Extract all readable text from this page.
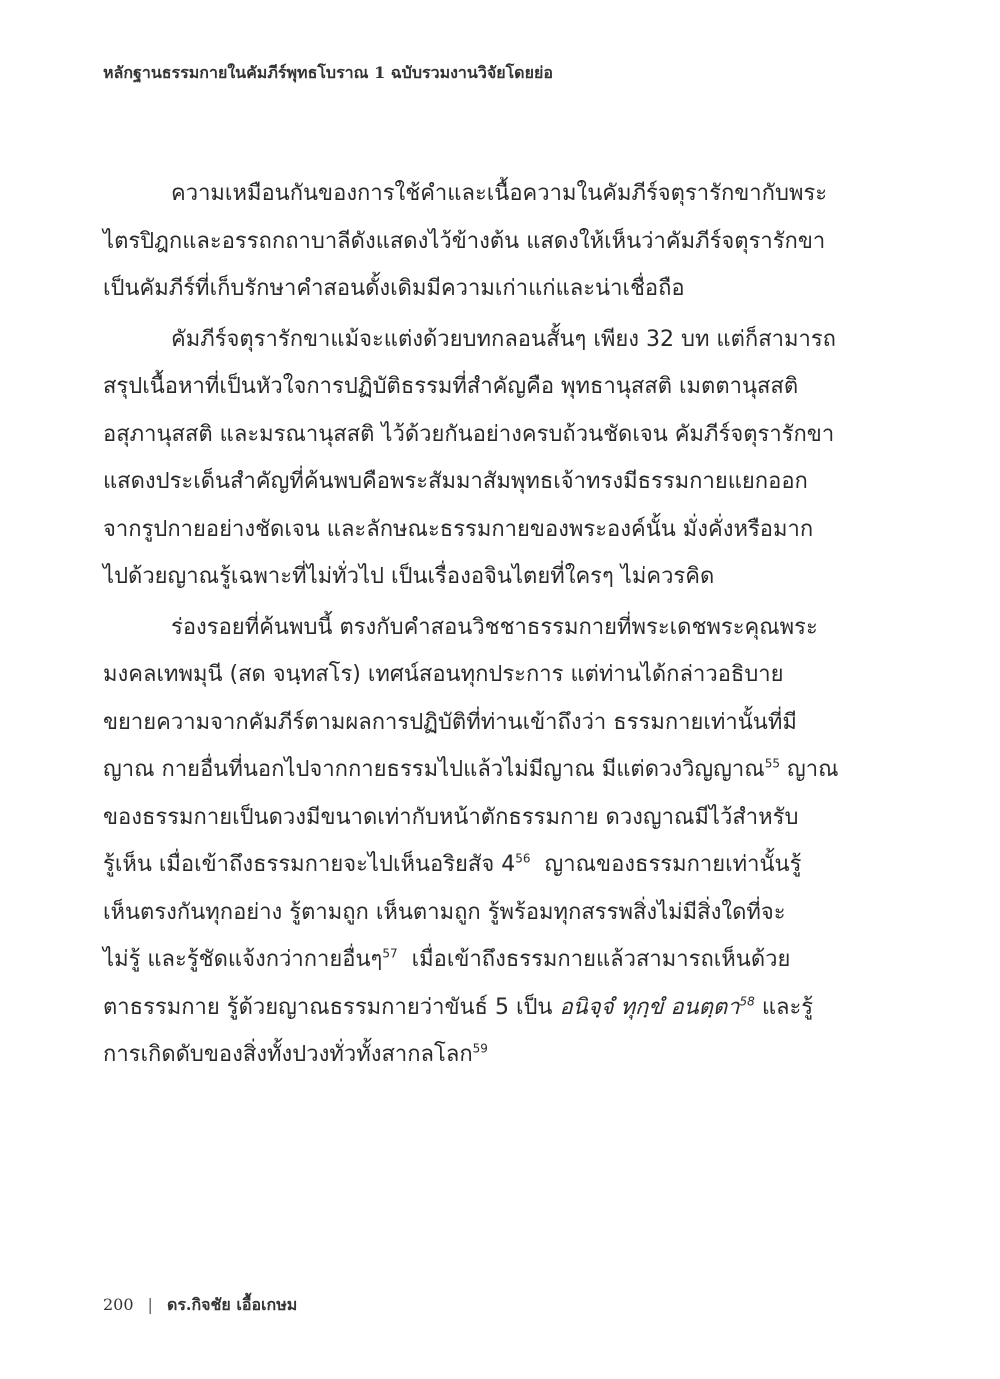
หลักฐานธรรมกายในคัมภีร์พุทธโบราณ 1 ฉบับรวมงานวิจัยโดยย่อ
ความเหมือนกันของการใช้คำและเนื้อความในคัมภีร์จตุรารักขากับพระ
ไตรปิฎกและอรรถกถาบาลีดังแสดงไว้ข้างต้น แสดงให้เห็นว่าคัมภีร์จตุรารักขา
เป็นคัมภีร์ที่เก็บรักษาคำสอนดั้งเดิมมีความเก่าแก่และน่าเชื่อถือ
คัมภีร์จตุรารักขาแม้จะแต่งด้วยบทกลอนสั้นๆ เพียง 32 บท แต่ก็สามารถ
สรุปเนื้อหาที่เป็นหัวใจการปฏิบัติธรรมที่สำคัญคือ พุทธานุสสติ เมตตานุสสติ
อสุภานุสสติ และมรณานุสสติ ไว้ด้วยกันอย่างครบถ้วนชัดเจน คัมภีร์จตุรารักขา
แสดงประเด็นสำคัญที่ค้นพบคือพระสัมมาสัมพุทธเจ้าทรงมีธรรมกายแยกออก
จากรูปกายอย่างชัดเจน และลักษณะธรรมกายของพระองค์นั้น มั่งคั่งหรือมาก
ไปด้วยญาณรู้เฉพาะที่ไม่ทั่วไป เป็นเรื่องอจินไตยที่ใครๆ ไม่ควรคิด
ร่องรอยที่ค้นพบนี้ ตรงกับคำสอนวิชชาธรรมกายที่พระเดชพระคุณพระ
มงคลเทพมุนี (สด จนฺทสโร) เทศน์สอนทุกประการ แต่ท่านได้กล่าวอธิบาย
ขยายความจากคัมภีร์ตามผลการปฏิบัติที่ท่านเข้าถึงว่า ธรรมกายเท่านั้นที่มี
ญาณ กายอื่นที่นอกไปจากกายธรรมไปแล้วไม่มีญาณ มีแต่ดวงวิญญาณ$^{55}$ ญาณ
ของธรรมกายเป็นดวงมีขนาดเท่ากับหน้าตักธรรมกาย ดวงญาณมีไว้สำหรับ
รู้เห็น เมื่อเข้าถึงธรรมกายจะไปเห็นอริยสัจ $4^{56}$ ญาณของธรรมกายเท่านั้นรู้
เห็นตรงกันทุกอย่าง รู้ตามถูก เห็นตามถูก รู้พร้อมทุกสรรพสิ่งไม่มีสิ่งใดที่จะ
ไม่รู้ และรู้ชัดแจ้งกว่ากายอื่นๆ$^{57}$ เมื่อเข้าถึงธรรมกายแล้วสามารถเห็นด้วย
ตาธรรมกาย รู้ด้วยญาณธรรมกายว่าขันธ์ 5 เป็น อนิจฺจํ ทุกฺขํ อนตฺตา$^{58}$ และรู้
การเกิดดับของสิ่งทั้งปวงทั่วทั้งสากลโลก$^{59}$
200 | ดร.กิจชัย เอื้อเกษม
